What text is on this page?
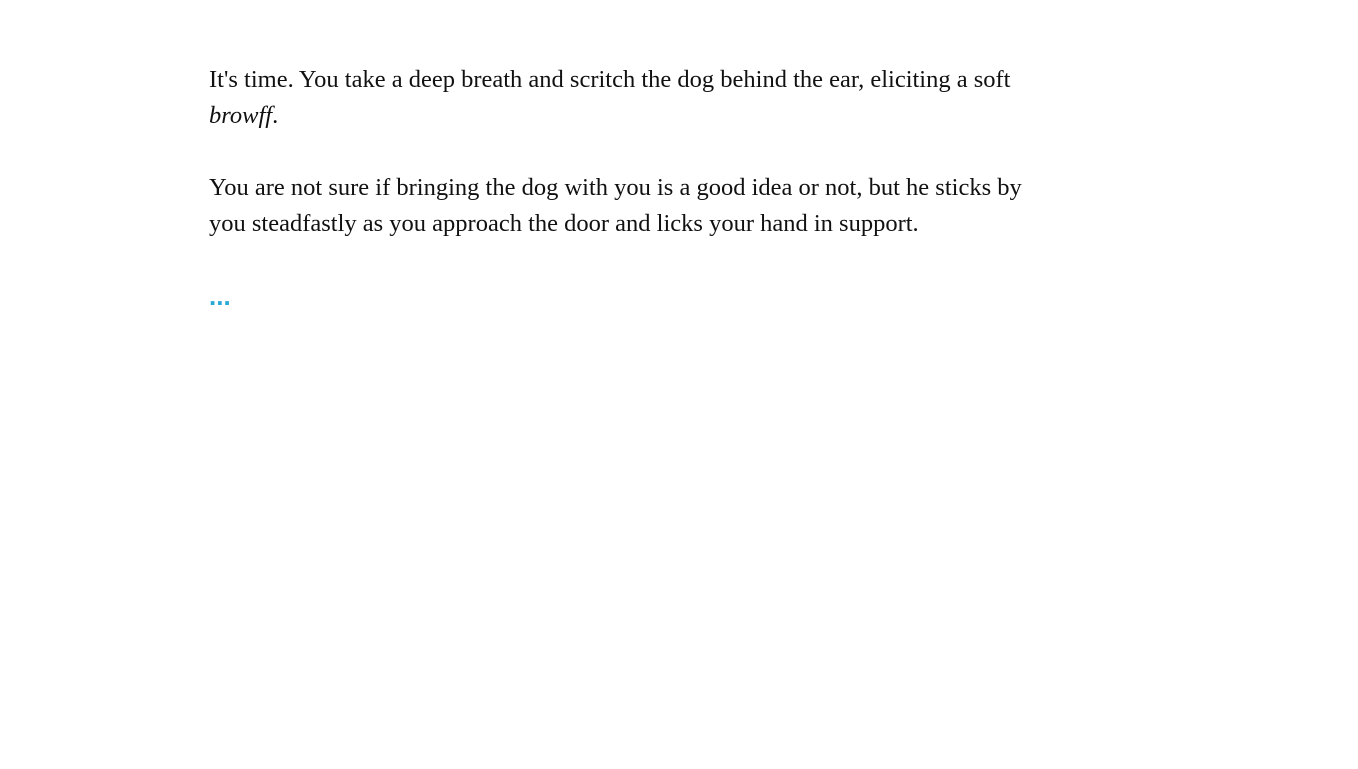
It's time. You take a deep breath and scritch the dog behind the ear, eliciting a soft browff.

You are not sure if bringing the dog with you is a good idea or not, but he sticks by you steadfastly as you approach the door and licks your hand in support.

...
